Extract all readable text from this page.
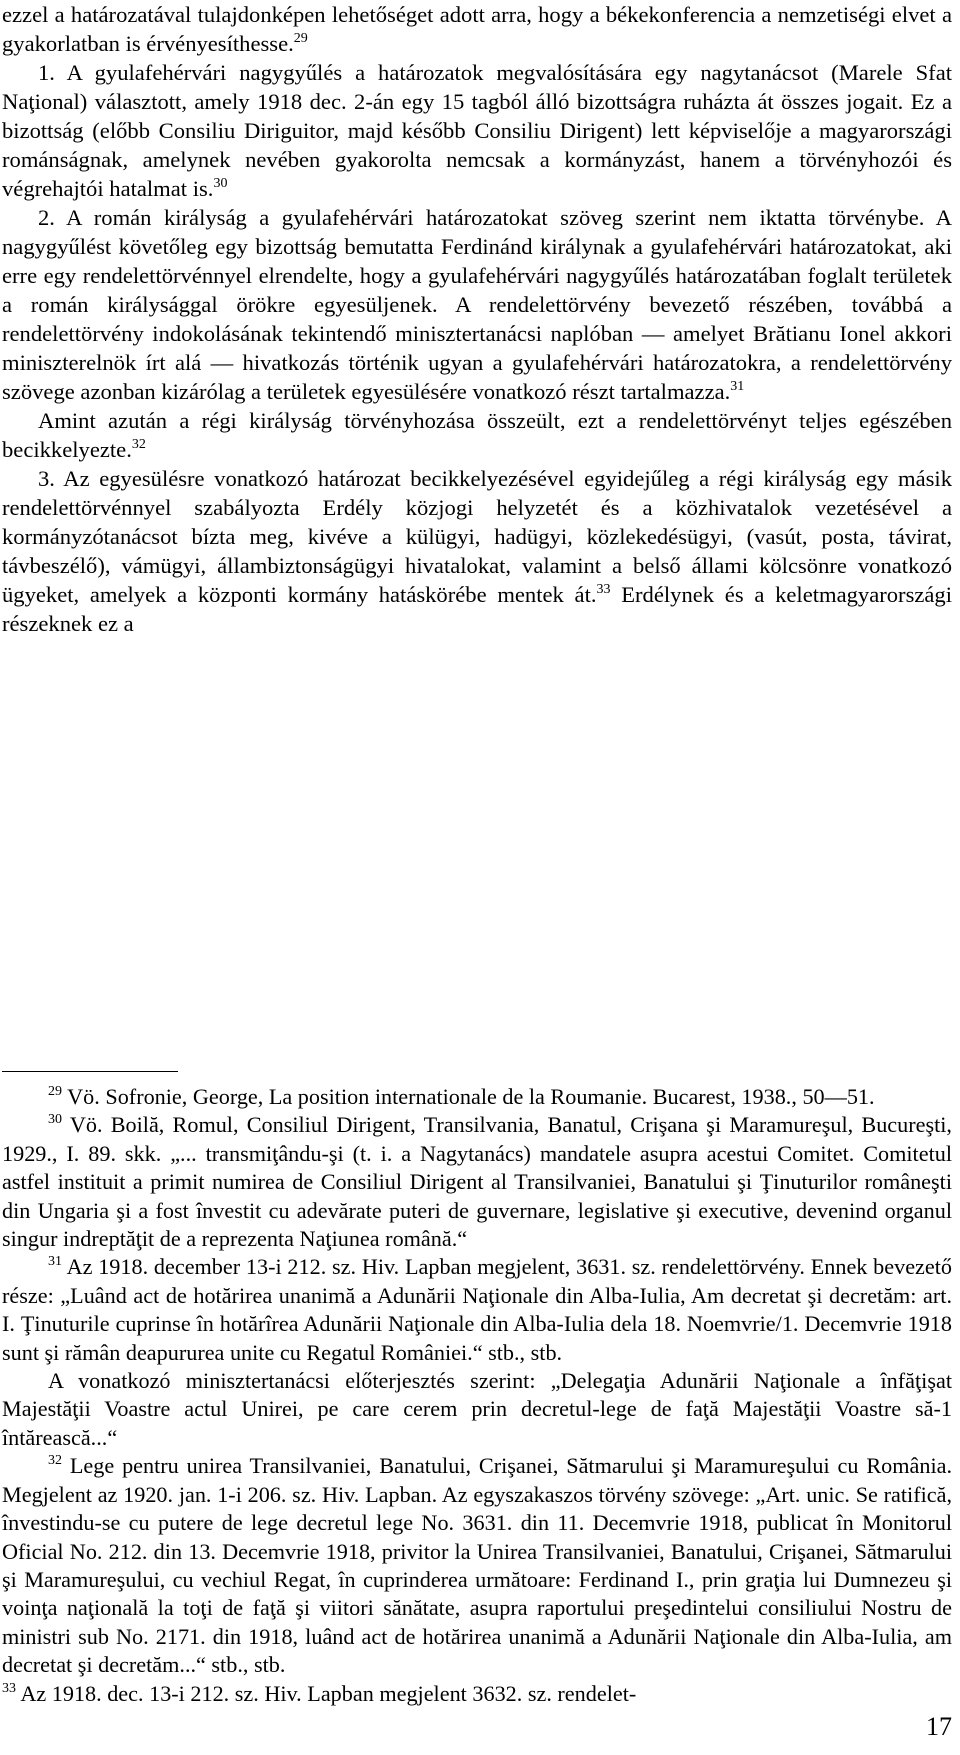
ezzel a határozatával tulajdonképen lehetőséget adott arra, hogy a békekonferencia a nemzetiségi elvet a gyakorlatban is érvényesíthesse.$^{29}$

1. A gyulafehérvári nagygyűlés a határozatok megvalósítására egy nagytanácsot (Marele Sfat Naţional) választott, amely 1918 dec. 2-án egy 15 tagból álló bizottságra ruházta át összes jogait. Ez a bizottság (előbb Consiliu Diriguitor, majd később Consiliu Dirigent) lett képviselője a magyarországi románságnak, amelynek nevében gyakorolta nemcsak a kormányzást, hanem a törvényhozói és végrehajtói hatalmat is.$^{30}$

2. A román királyság a gyulafehérvári határozatokat szöveg szerint nem iktatta törvénybe. A nagygyűlést követőleg egy bizottság bemutatta Ferdinánd királynak a gyulafehérvári határozatokat, aki erre egy rendelettörvénnyel elrendelte, hogy a gyulafehérvári nagygyűlés határozatában foglalt területek a román királysággal örökre egyesüljenek. A rendelettörvény bevezető részében, továbbá a rendelettörvény indokolásának tekintendő minisztertanácsi naplóban — amelyet Brătianu Ionel akkori miniszterelnök írt alá — hivatkozás történik ugyan a gyulafehérvári határozatokra, a rendelettörvény szövege azonban kizárólag a területek egyesülésére vonatkozó részt tartalmazza.$^{31}$

Amint azután a régi királyság törvényhozása összeült, ezt a rendelettörvényt teljes egészében becikkelyezte.$^{32}$

3. Az egyesülésre vonatkozó határozat becikkelyezésével egyidejűleg a régi királyság egy másik rendelettörvénnyel szabályozta Erdély közjogi helyzetét és a közhivatalok vezetésével a kormányzótanácsot bízta meg, kivéve a külügyi, hadügyi, közlekedésügyi, (vasút, posta, távirat, távbeszélő), vámügyi, állambiztonságügyi hivatalokat, valamint a belső állami kölcsönre vonatkozó ügyeket, amelyek a központi kormány hatáskörébe mentek át.$^{33}$ Erdélynek és a keletmagyarországi részeknek ez a

$^{29}$ Vö. Sofronie, George, La position internationale de la Roumanie. Bucarest, 1938., 50—51.

$^{30}$ Vö. Boilă, Romul, Consiliul Dirigent, Transilvania, Banatul, Crişana şi Maramureşul, Bucureşti, 1929., I. 89. skk. „... transmiţându-şi (t. i. a Nagytanács) mandatele asupra acestui Comitet. Comitetul astfel instituit a primit numirea de Consiliul Dirigent al Transilvaniei, Banatului şi Ţinuturilor româneşti din Ungaria şi a fost învestit cu adevărate puteri de guvernare, legislative şi executive, devenind organul singur indreptăţit de a reprezenta Naţiunea română.“

$^{31}$ Az 1918. december 13-i 212. sz. Hiv. Lapban megjelent, 3631. sz. rendelettörvény. Ennek bevezető része: „Luând act de hotărirea unanimă a Adunării Naţionale din Alba-Iulia, Am decretat şi decretăm: art. I. Ţinuturile cuprinse în hotărîrea Adunării Naţionale din Alba-Iulia dela 18. Noemvrie/1. Decemvrie 1918 sunt şi rămân deapururea unite cu Regatul României.“ stb., stb.

A vonatkozó minisztertanácsi előterjesztés szerint: „Delegaţia Adunării Naţionale a înfăţişat Majestăţii Voastre actul Unirei, pe care cerem prin decretul-lege de faţă Majestăţii Voastre să-1 întărească...“

$^{32}$ Lege pentru unirea Transilvaniei, Banatului, Crişanei, Sătmarului şi Maramureşului cu România. Megjelent az 1920. jan. 1-i 206. sz. Hiv. Lapban. Az egyszakaszos törvény szövege: „Art. unic. Se ratifică, învestindu-se cu putere de lege decretul lege No. 3631. din 11. Decemvrie 1918, publicat în Monitorul Oficial No. 212. din 13. Decemvrie 1918, privitor la Unirea Transilvaniei, Banatului, Crişanei, Sătmarului şi Maramureşului, cu vechiul Regat, în cuprinderea următoare: Ferdinand I., prin graţia lui Dumnezeu şi voinţa naţională la toţi de faţă şi viitori sănătate, asupra raportului preşedintelui consiliului Nostru de ministri sub No. 2171. din 1918, luând act de hotărirea unanimă a Adunării Naţionale din Alba-Iulia, am decretat şi decretăm...“ stb., stb.

$^{33}$ Az 1918. dec. 13-i 212. sz. Hiv. Lapban megjelent 3632. sz. rendelet-

17
